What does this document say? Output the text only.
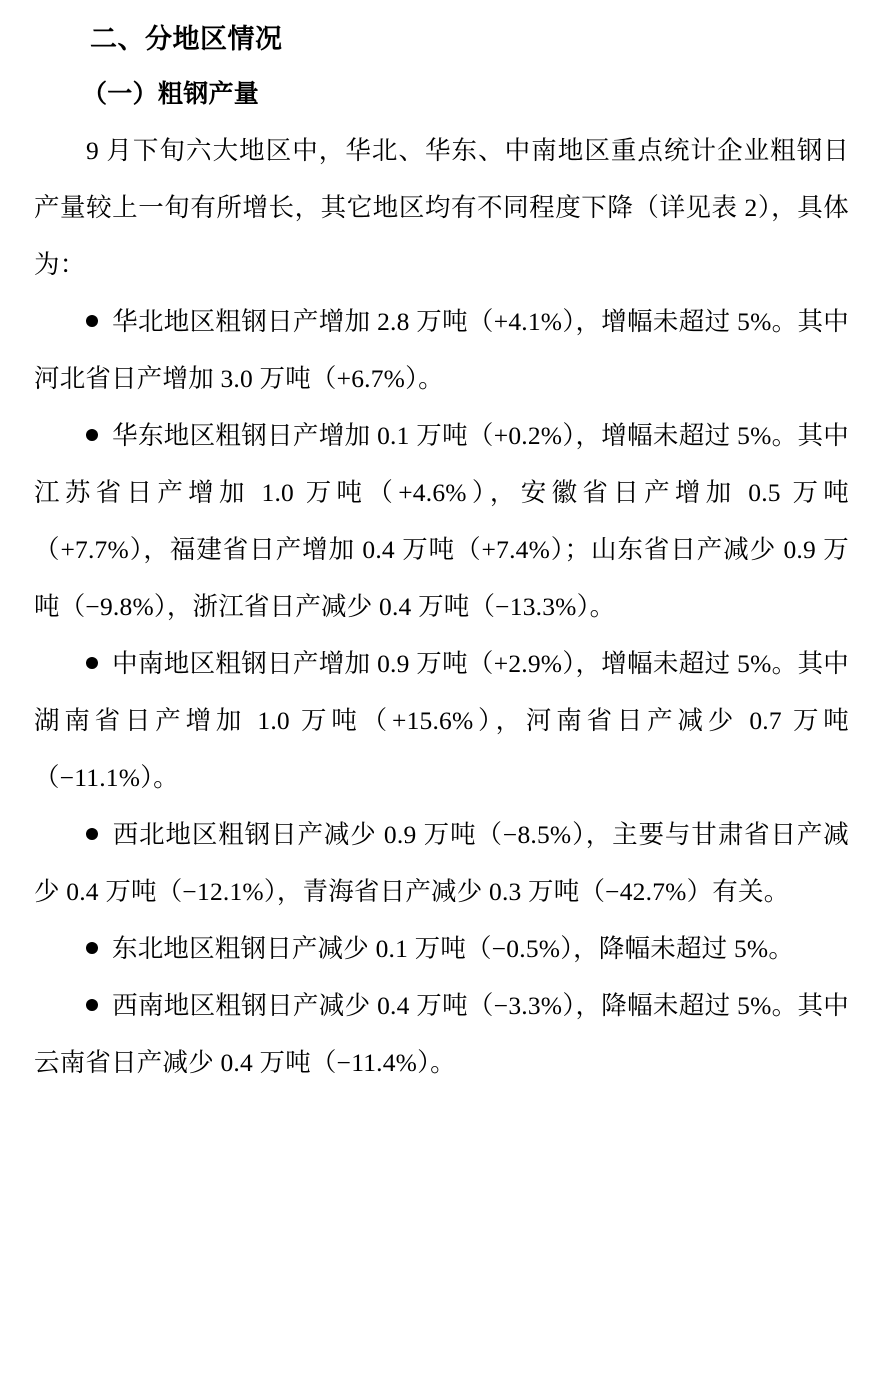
二、分地区情况
（一）粗钢产量

9 月下旬六大地区中，华北、华东、中南地区重点统计企业粗钢日产量较上一旬有所增长，其它地区均有不同程度下降（详见表 2），具体为：

华北地区粗钢日产增加 2.8 万吨（+4.1%），增幅未超过 5%。其中河北省日产增加 3.0 万吨（+6.7%）。

华东地区粗钢日产增加 0.1 万吨（+0.2%），增幅未超过 5%。其中江苏省日产增加 1.0 万吨（+4.6%），安徽省日产增加 0.5 万吨（+7.7%），福建省日产增加 0.4 万吨（+7.4%）；山东省日产减少 0.9 万吨（−9.8%），浙江省日产减少 0.4 万吨（−13.3%）。

中南地区粗钢日产增加 0.9 万吨（+2.9%），增幅未超过 5%。其中湖南省日产增加 1.0 万吨（+15.6%），河南省日产减少 0.7 万吨（−11.1%）。

西北地区粗钢日产减少 0.9 万吨（−8.5%），主要与甘肃省日产减少 0.4 万吨（−12.1%），青海省日产减少 0.3 万吨（−42.7%）有关。

东北地区粗钢日产减少 0.1 万吨（−0.5%），降幅未超过 5%。

西南地区粗钢日产减少 0.4 万吨（−3.3%），降幅未超过 5%。其中云南省日产减少 0.4 万吨（−11.4%）。
